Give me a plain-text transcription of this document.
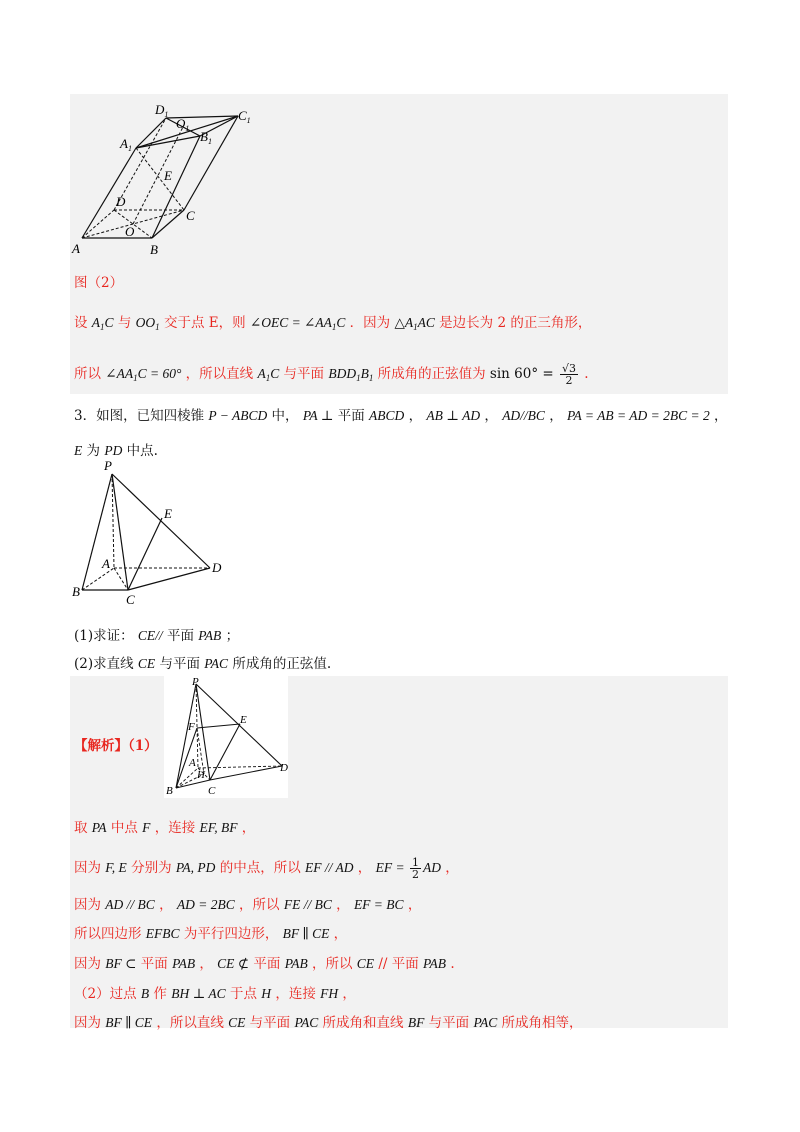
$D_1$	$C_1$
$A_1$
$B_1$
$O_1$
E
D
C
O
A	B
图（2）
设 $A_1C$ 与 $OO_1$ 交于点 E，则 ∠OEC = $\angle AA_1C$ ．因为 $\triangle A_1AC$ 是边长为 2 的正三角形，
所以 $\angle AA_1C = 60^\circ$ ，所以直线 $A_1C$ 与平面 $BDD_1B_1$ 所成角的正弦值为 $\sin 60^\circ = \frac{√3}{2}$ .
3．如图，已知四棱锥 P − ABCD 中， PA ⊥ 平面 ABCD ， AB ⊥ AD ， AD//BC ， PA = AB = AD = 2BC = 2 ，
E 为 PD 中点.
P
E
A	D
B
C
(1)求证： CE// 平面 PAB ；
(2)求直线 CE 与平面 PAC 所成角的正弦值.
【解析】（1）
P
F
E
A
H
D
B	C
取 PA 中点 F ，连接 EF, BF ，
因为 F, E 分别为 PA, PD 的中点，所以 EF // AD ， EF = $\frac{1}{2}$ AD ，
因为 AD // BC ， AD = 2BC ，所以 FE // BC ， EF = BC ，
所以四边形 EFBC 为平行四边形， BF ∥ CE ，
因为 BF ⊂ 平面 PAB ， CE ⊄ 平面 PAB ，所以 CE // 平面 PAB .
（2）过点 B 作 BH ⊥ AC 于点 H ，连接 FH ，
因为 BF ∥ CE ，所以直线 CE 与平面 PAC 所成角和直线 BF 与平面 PAC 所成角相等，
